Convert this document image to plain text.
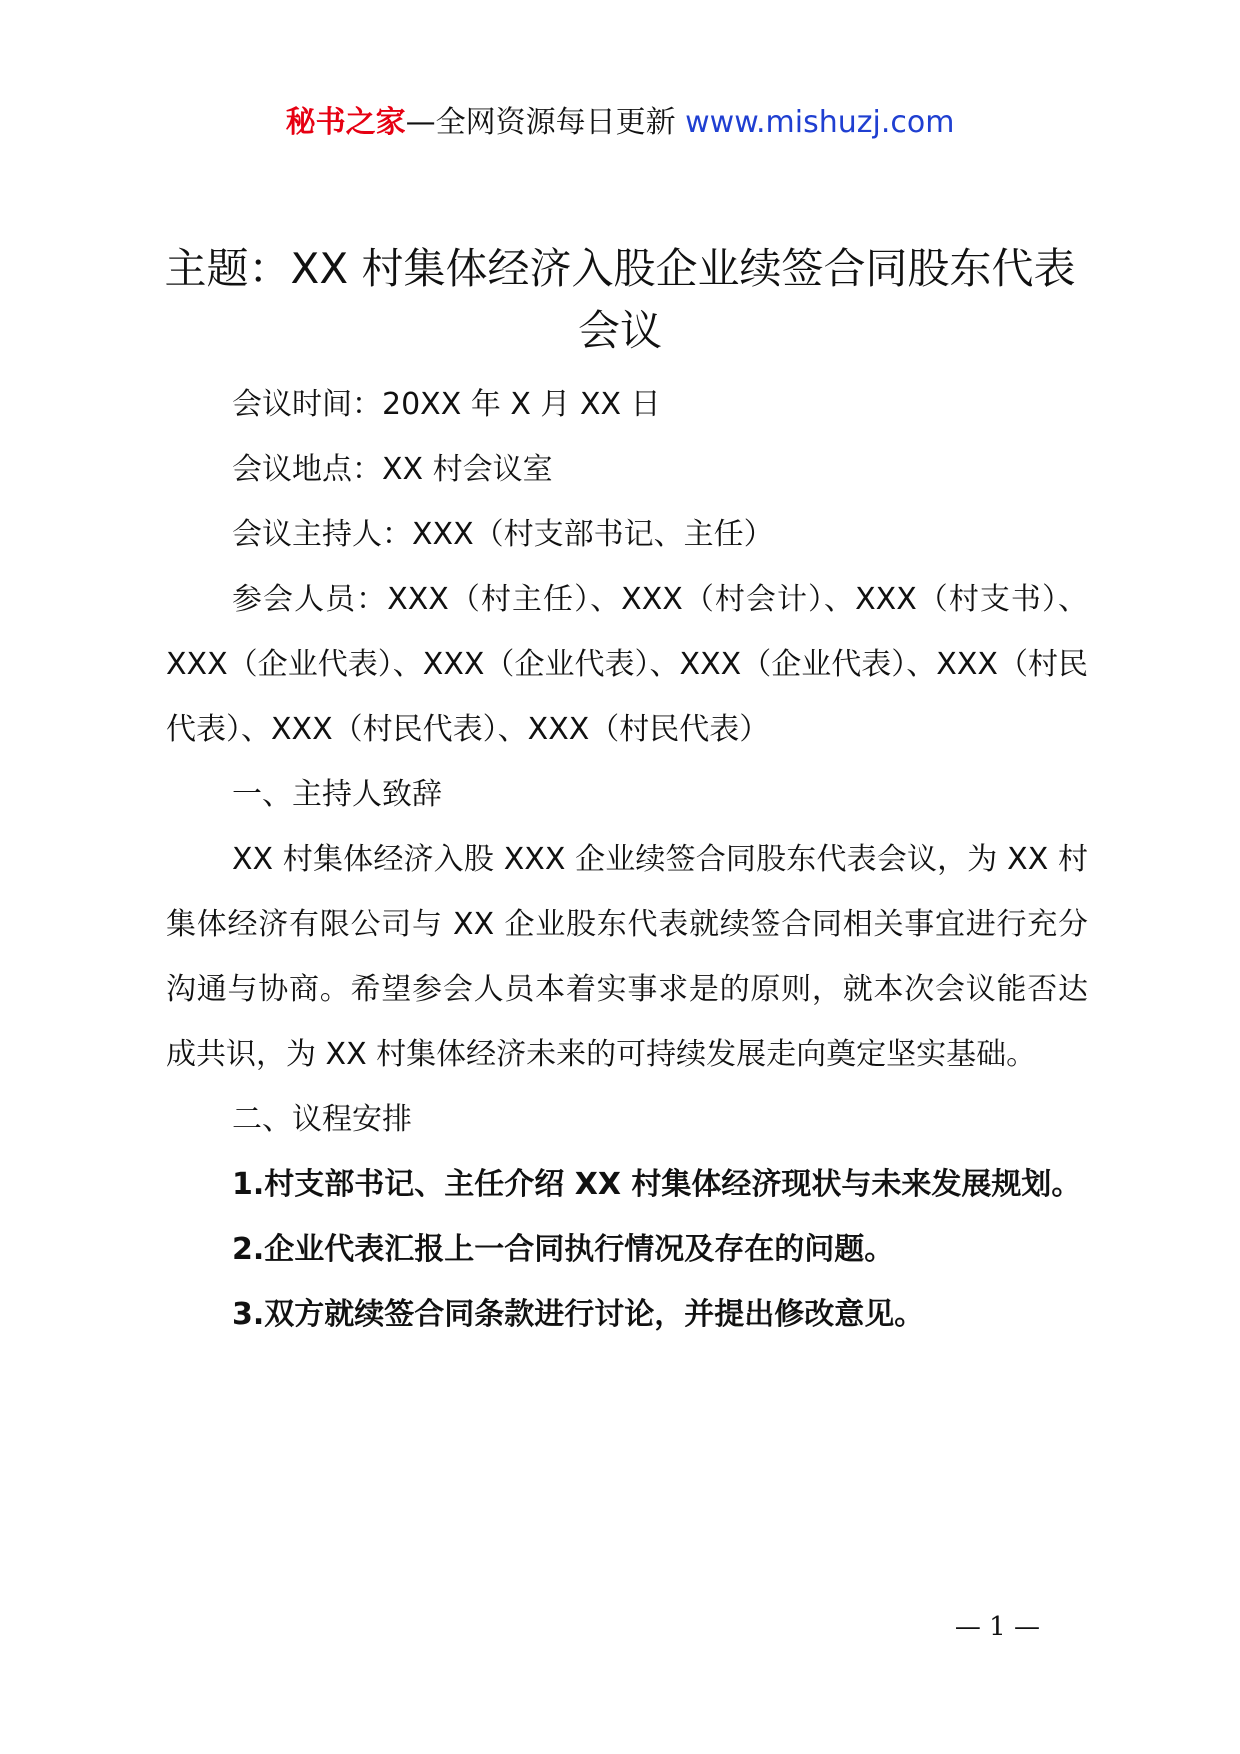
秘书之家—全网资源每日更新 www.mishuzj.com
主题：XX 村集体经济入股企业续签合同股东代表会议

会议时间：20XX 年 X 月 XX 日

会议地点：XX 村会议室

会议主持人：XXX（村支部书记、主任）

参会人员：XXX（村主任）、XXX（村会计）、XXX（村支书）、XXX（企业代表）、XXX（企业代表）、XXX（企业代表）、XXX（村民代表）、XXX（村民代表）、XXX（村民代表）

一、主持人致辞

XX 村集体经济入股 XXX 企业续签合同股东代表会议，为 XX 村集体经济有限公司与 XX 企业股东代表就续签合同相关事宜进行充分沟通与协商。希望参会人员本着实事求是的原则，就本次会议能否达成共识，为 XX 村集体经济未来的可持续发展走向奠定坚实基础。

二、议程安排

1.村支部书记、主任介绍 XX 村集体经济现状与未来发展规划。

2.企业代表汇报上一合同执行情况及存在的问题。

3.双方就续签合同条款进行讨论，并提出修改意见。

— 1 —
